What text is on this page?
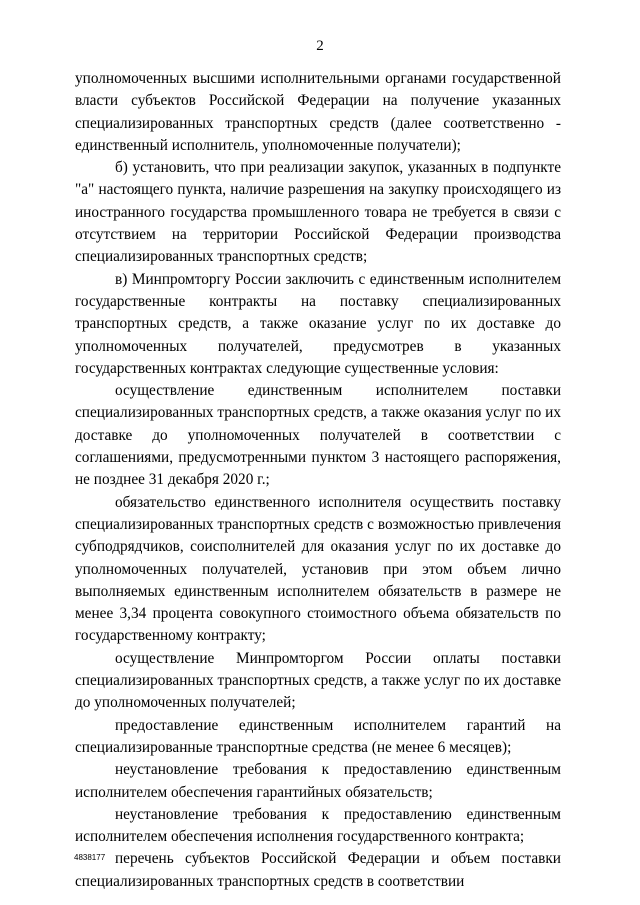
2

уполномоченных высшими исполнительными органами государственной власти субъектов Российской Федерации на получение указанных специализированных транспортных средств (далее соответственно - единственный исполнитель, уполномоченные получатели);

б) установить, что при реализации закупок, указанных в подпункте "а" настоящего пункта, наличие разрешения на закупку происходящего из иностранного государства промышленного товара не требуется в связи с отсутствием на территории Российской Федерации производства специализированных транспортных средств;

в) Минпромторгу России заключить с единственным исполнителем государственные контракты на поставку специализированных транспортных средств, а также оказание услуг по их доставке до уполномоченных получателей, предусмотрев в указанных государственных контрактах следующие существенные условия:

осуществление единственным исполнителем поставки специализированных транспортных средств, а также оказания услуг по их доставке до уполномоченных получателей в соответствии с соглашениями, предусмотренными пунктом 3 настоящего распоряжения, не позднее 31 декабря 2020 г.;

обязательство единственного исполнителя осуществить поставку специализированных транспортных средств с возможностью привлечения субподрядчиков, соисполнителей для оказания услуг по их доставке до уполномоченных получателей, установив при этом объем лично выполняемых единственным исполнителем обязательств в размере не менее 3,34 процента совокупного стоимостного объема обязательств по государственному контракту;

осуществление Минпромторгом России оплаты поставки специализированных транспортных средств, а также услуг по их доставке до уполномоченных получателей;

предоставление единственным исполнителем гарантий на специализированные транспортные средства (не менее 6 месяцев);

неустановление требования к предоставлению единственным исполнителем обеспечения гарантийных обязательств;

неустановление требования к предоставлению единственным исполнителем обеспечения исполнения государственного контракта;

перечень субъектов Российской Федерации и объем поставки специализированных транспортных средств в соответствии

4838177
